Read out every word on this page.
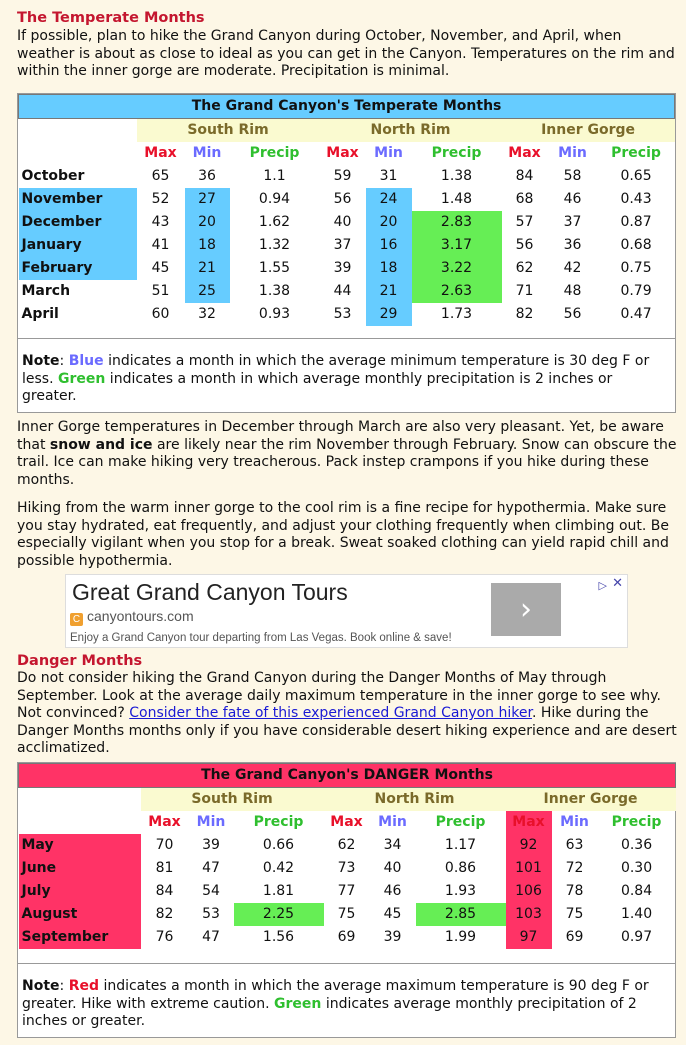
The Temperate Months
If possible, plan to hike the Grand Canyon during October, November, and April, when weather is about as close to ideal as you can get in the Canyon. Temperatures on the rim and within the inner gorge are moderate. Precipitation is minimal.
The Grand Canyon's Temperate Months									
	South Rim			North Rim			Inner Gorge		
	Max	Min	Precip	Max	Min	Precip	Max	Min	Precip
October	65	36	1.1	59	31	1.38	84	58	0.65
November	52	27	0.94	56	24	1.48	68	46	0.43
December	43	20	1.62	40	20	2.83	57	37	0.87
January	41	18	1.32	37	16	3.17	56	36	0.68
February	45	21	1.55	39	18	3.22	62	42	0.75
March	51	25	1.38	44	21	2.63	71	48	0.79
April	60	32	0.93	53	29	1.73	82	56	0.47
Note: Blue indicates a month in which the average minimum temperature is 30 deg F or less. Green indicates a month in which average monthly precipitation is 2 inches or greater.
Inner Gorge temperatures in December through March are also very pleasant. Yet, be aware that snow and ice are likely near the rim November through February. Snow can obscure the trail. Ice can make hiking very treacherous. Pack instep crampons if you hike during these months.
Hiking from the warm inner gorge to the cool rim is a fine recipe for hypothermia. Make sure you stay hydrated, eat frequently, and adjust your clothing frequently when climbing out. Be especially vigilant when you stop for a break. Sweat soaked clothing can yield rapid chill and possible hypothermia.
Great Grand Canyon Tours
C canyontours.com
Enjoy a Grand Canyon tour departing from Las Vegas. Book online & save!
›
▷ ✕
Danger Months
Do not consider hiking the Grand Canyon during the Danger Months of May through September. Look at the average daily maximum temperature in the inner gorge to see why. Not convinced? Consider the fate of this experienced Grand Canyon hiker. Hike during the Danger Months months only if you have considerable desert hiking experience and are desert acclimatized.
The Grand Canyon's DANGER Months									
	South Rim			North Rim			Inner Gorge		
	Max	Min	Precip	Max	Min	Precip	Max	Min	Precip
May	70	39	0.66	62	34	1.17	92	63	0.36
June	81	47	0.42	73	40	0.86	101	72	0.30
July	84	54	1.81	77	46	1.93	106	78	0.84
August	82	53	2.25	75	45	2.85	103	75	1.40
September	76	47	1.56	69	39	1.99	97	69	0.97
Note: Red indicates a month in which the average maximum temperature is 90 deg F or greater. Hike with extreme caution. Green indicates average monthly precipitation of 2 inches or greater.
